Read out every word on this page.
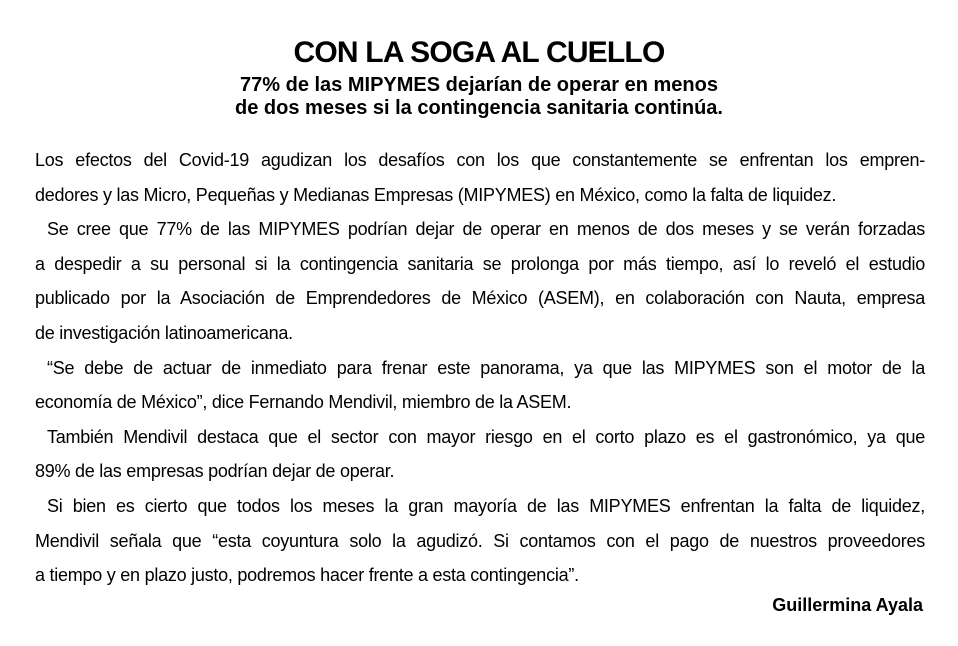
CON LA SOGA AL CUELLO
77% de las MIPYMES dejarían de operar en menos
de dos meses si la contingencia sanitaria continúa.
Los efectos del Covid-19 agudizan los desafíos con los que constantemente se enfrentan los empren-
dedores y las Micro, Pequeñas y Medianas Empresas (MIPYMES) en México, como la falta de liquidez.
Se cree que 77% de las MIPYMES podrían dejar de operar en menos de dos meses y se verán forzadas
a despedir a su personal si la contingencia sanitaria se prolonga por más tiempo, así lo reveló el estudio
publicado por la Asociación de Emprendedores de México (ASEM), en colaboración con Nauta, empresa
de investigación latinoamericana.
“Se debe de actuar de inmediato para frenar este panorama, ya que las MIPYMES son el motor de la
economía de México”, dice Fernando Mendivil, miembro de la ASEM.
También Mendivil destaca que el sector con mayor riesgo en el corto plazo es el gastronómico, ya que
89% de las empresas podrían dejar de operar.
Si bien es cierto que todos los meses la gran mayoría de las MIPYMES enfrentan la falta de liquidez,
Mendivil señala que “esta coyuntura solo la agudizó. Si contamos con el pago de nuestros proveedores
a tiempo y en plazo justo, podremos hacer frente a esta contingencia”.
Guillermina Ayala
